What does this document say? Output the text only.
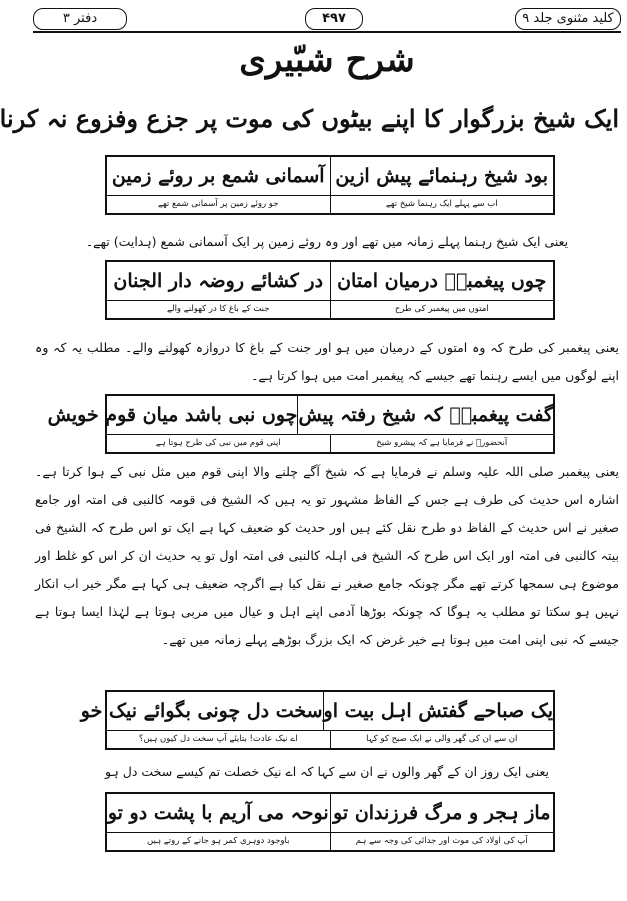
کلید مثنوی جلد ۹
۴۹۷
دفتر ۳
شرح شبّیری
ایک شیخ بزرگوار کا اپنے بیٹوں کی موت پر جزع وفزوع نہ کرنا
بود شیخ رہنمائے پیش ازین
آسمانی شمع بر روئے زمین
اب سے پہلے ایک رہنما شیخ تھے
جو روئے زمین پر آسمانی شمع تھے
یعنی ایک شیخ رہنما پہلے زمانہ میں تھے اور وہ روئے زمین پر ایک آسمانی شمع (ہدایت) تھے۔
چوں پیغمبرؑ درمیان امتان
در کشائے روضہ دار الجنان
امتوں میں پیغمبر کی طرح
جنت کے باغ کا در کھولنے والے
یعنی پیغمبر کی طرح کہ وہ امتوں کے درمیان میں ہو اور جنت کے باغ کا دروازہ کھولنے والے۔ مطلب یہ کہ وہ اپنے لوگوں میں ایسے رہنما تھے جیسے کہ پیغمبر امت میں ہوا کرتا ہے۔
گفت پیغمبرؐ کہ شیخ رفتہ پیش
چوں نبی باشد میان قوم خویش
آنحضورؐ نے فرمایا ہے کہ پیشرو شیخ
اپنی قوم میں نبی کی طرح ہوتا ہے
یعنی پیغمبر صلی اللہ علیہ وسلم نے فرمایا ہے کہ شیخ آگے چلنے والا اپنی قوم میں مثل نبی کے ہوا کرتا ہے۔ اشارہ اس حدیث کی طرف ہے جس کے الفاظ مشہور تو یہ ہیں کہ الشیخ فی قومہ کالنبی فی امتہ اور جامع صغیر نے اس حدیث کے الفاظ دو طرح نقل کئے ہیں اور حدیث کو ضعیف کہا ہے ایک تو اس طرح کہ الشیخ فی بیتہ کالنبی فی امتہ اور ایک اس طرح کہ الشیخ فی اہلہ کالنبی فی امتہ اول تو یہ حدیث ان کر اس کو غلط اور موضوع ہی سمجھا کرتے تھے مگر چونکہ جامع صغیر نے نقل کیا ہے اگرچہ ضعیف ہی کہا ہے مگر خیر اب انکار نہیں ہو سکتا تو مطلب یہ ہوگا کہ چونکہ بوڑھا آدمی اپنے اہل و عیال میں مربی ہوتا ہے لہٰذا ایسا ہوتا ہے جیسے کہ نبی اپنی امت میں ہوتا ہے خیر غرض کہ ایک بزرگ بوڑھے پہلے زمانہ میں تھے۔
یک صباحے گفتش اہل بیت او
سخت دل چونی بگوائے نیک خو
ان سے ان کی گھر والی نے ایک صبح کو کہا
اے نیک عادت! بتایئے آپ سخت دل کیوں ہیں؟
یعنی ایک روز ان کے گھر والوں نے ان سے کہا کہ اے نیک خصلت تم کیسے سخت دل ہو
ماز ہجر و مرگ فرزندان تو
نوحہ می آریم با پشت دو تو
آپ کی اولاد کی موت اور جدائی کی وجہ سے ہم
باوجود دوہری کمر ہو جانے کے روتے ہیں
